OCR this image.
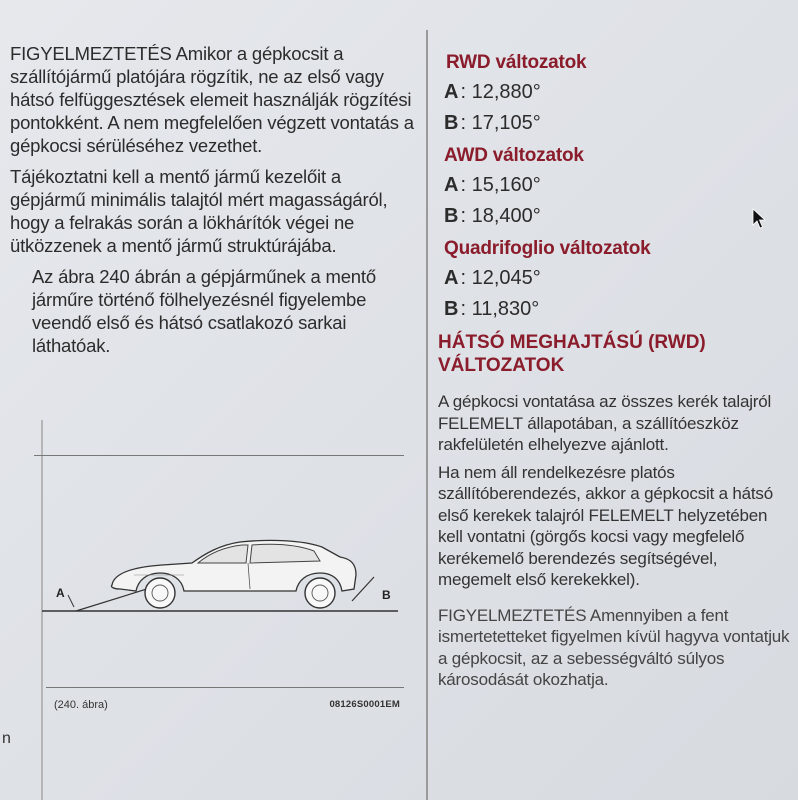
n

FIGYELMEZTETÉS Amikor a gépkocsit a szállítójármű platójára rögzítik, ne az első vagy hátsó felfüggesztések elemeit használják rögzítési pontokként. A nem megfelelően végzett vontatás a gépkocsi sérüléséhez vezethet.

Tájékoztatni kell a mentő jármű kezelőit a gépjármű minimális talajtól mért magasságáról, hogy a felrakás során a lökhárítók végei ne ütközzenek a mentő jármű struktúrájába.

Az ábra 240 ábrán a gépjárműnek a mentő járműre történő fölhelyezésnél figyelembe veendő első és hátsó csatlakozó sarkai láthatóak.

A	B
(240. ábra)	08126S0001EM
RWD változatok
A : 12,880°
B : 17,105°
AWD változatok
A : 15,160°
B : 18,400°
Quadrifoglio változatok
A : 12,045°
B : 11,830°
HÁTSÓ MEGHAJTÁSÚ (RWD) VÁLTOZATOK

A gépkocsi vontatása az összes kerék talajról FELEMELT állapotában, a szállítóeszköz rakfelületén elhelyezve ajánlott.

Ha nem áll rendelkezésre platós szállítóberendezés, akkor a gépkocsit a hátsó első kerekek talajról FELEMELT helyzetében kell vontatni (görgős kocsi vagy megfelelő kerékemelő berendezés segítségével, megemelt első kerekekkel).

FIGYELMEZTETÉS Amennyiben a fent ismertetetteket figyelmen kívül hagyva vontatjuk a gépkocsit, az a sebességváltó súlyos károsodását okozhatja.
